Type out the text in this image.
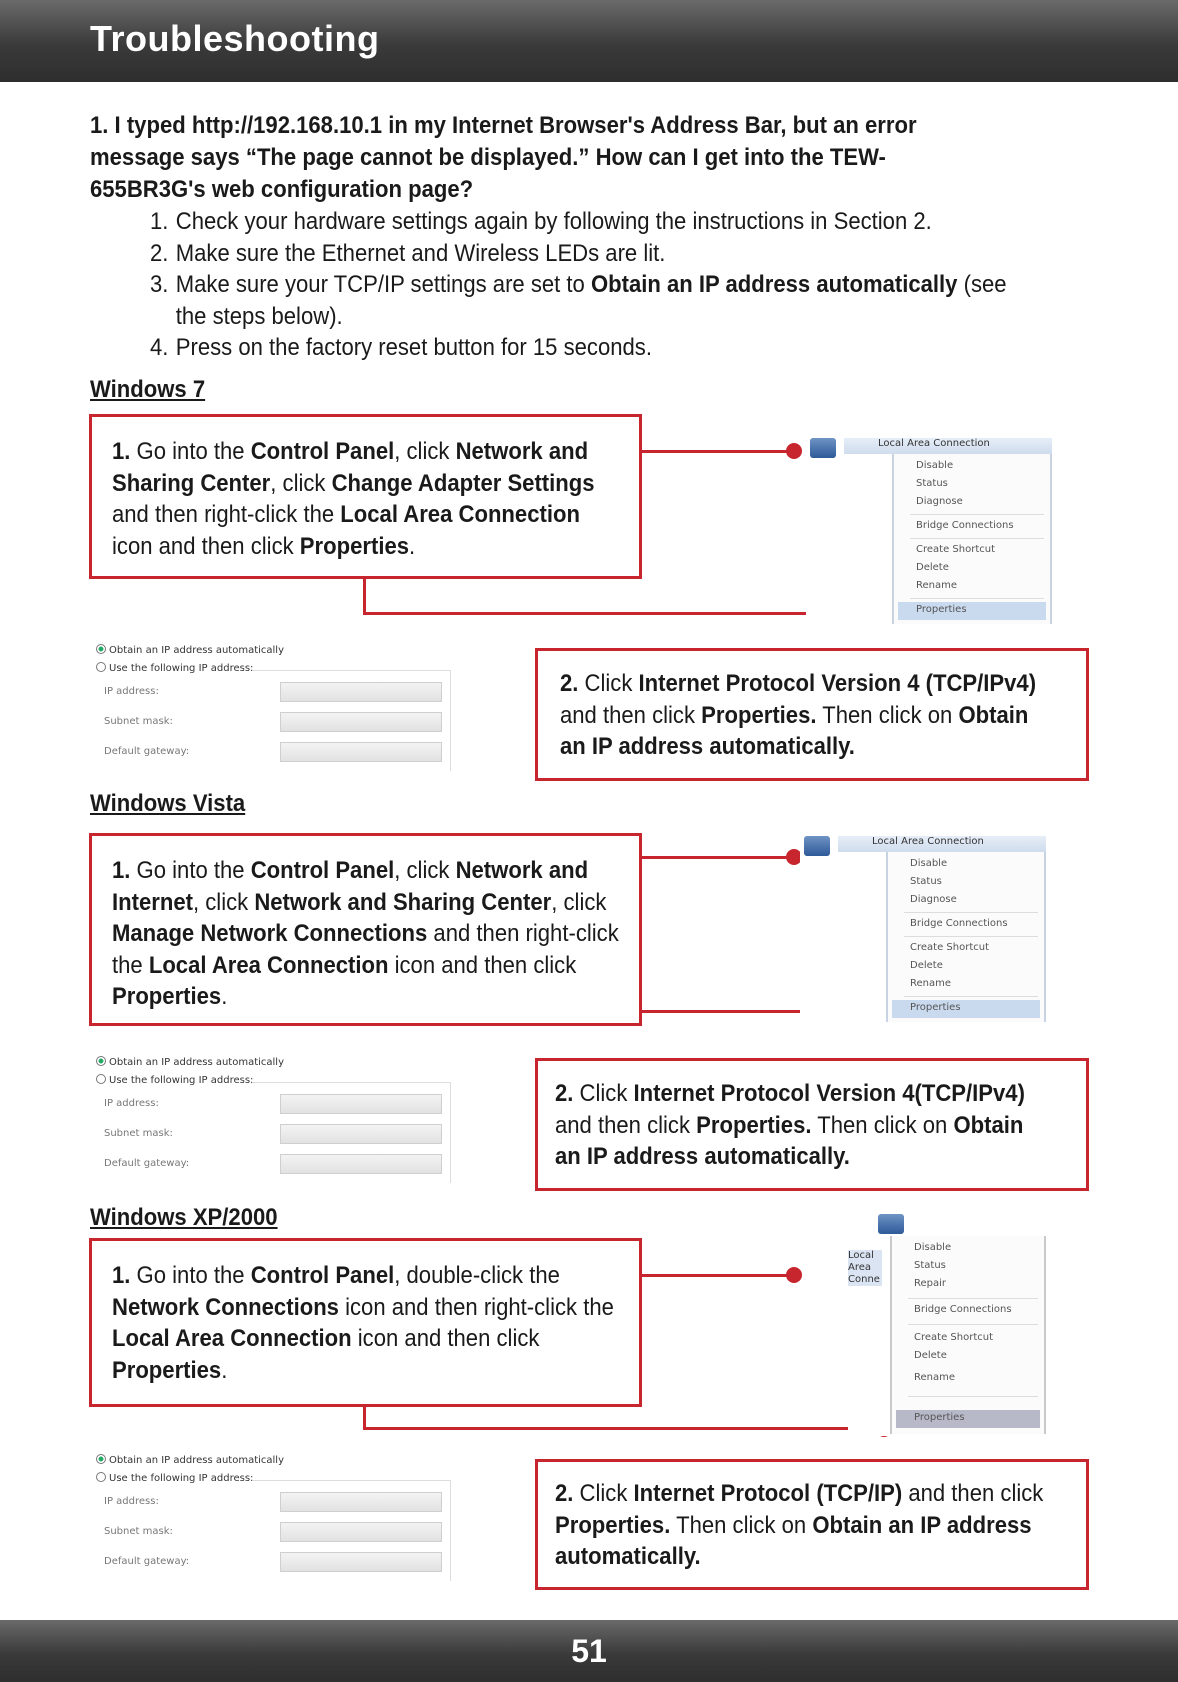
Troubleshooting
1. I typed http://192.168.10.1 in my Internet Browser's Address Bar, but an error message says “The page cannot be displayed.” How can I get into the TEW-655BR3G's web configuration page?
1. Check your hardware settings again by following the instructions in Section 2.
2. Make sure the Ethernet and Wireless LEDs are lit.
3. Make sure your TCP/IP settings are set to Obtain an IP address automatically (see the steps below).
4. Press on the factory reset button for 15 seconds.
Windows 7
1. Go into the Control Panel, click Network and Sharing Center, click Change Adapter Settings and then right-click the Local Area Connection icon and then click Properties.
Local Area Connection
Disable
Status
Diagnose
Bridge Connections
Create Shortcut
Delete
Rename
Properties
Obtain an IP address automatically
Use the following IP address:
IP address:
Subnet mask:
Default gateway:
2. Click Internet Protocol Version 4 (TCP/IPv4) and then click Properties. Then click on Obtain an IP address automatically.
Windows Vista
1. Go into the Control Panel, click Network and Internet, click Network and Sharing Center, click Manage Network Connections and then right-click the Local Area Connection icon and then click Properties.
Local Area Connection
Disable
Status
Diagnose
Bridge Connections
Create Shortcut
Delete
Rename
Properties
Obtain an IP address automatically
Use the following IP address:
IP address:
Subnet mask:
Default gateway:
2. Click Internet Protocol Version 4(TCP/IPv4) and then click Properties. Then click on Obtain an IP address automatically.
Windows XP/2000
1. Go into the Control Panel, double-click the Network Connections icon and then right-click the Local Area Connection icon and then click Properties.
Local Area Conne
Disable
Status
Repair
Bridge Connections
Create Shortcut
Delete
Rename
Properties
Obtain an IP address automatically
Use the following IP address:
IP address:
Subnet mask:
Default gateway:
2. Click Internet Protocol (TCP/IP) and then click Properties. Then click on Obtain an IP address automatically.
51
